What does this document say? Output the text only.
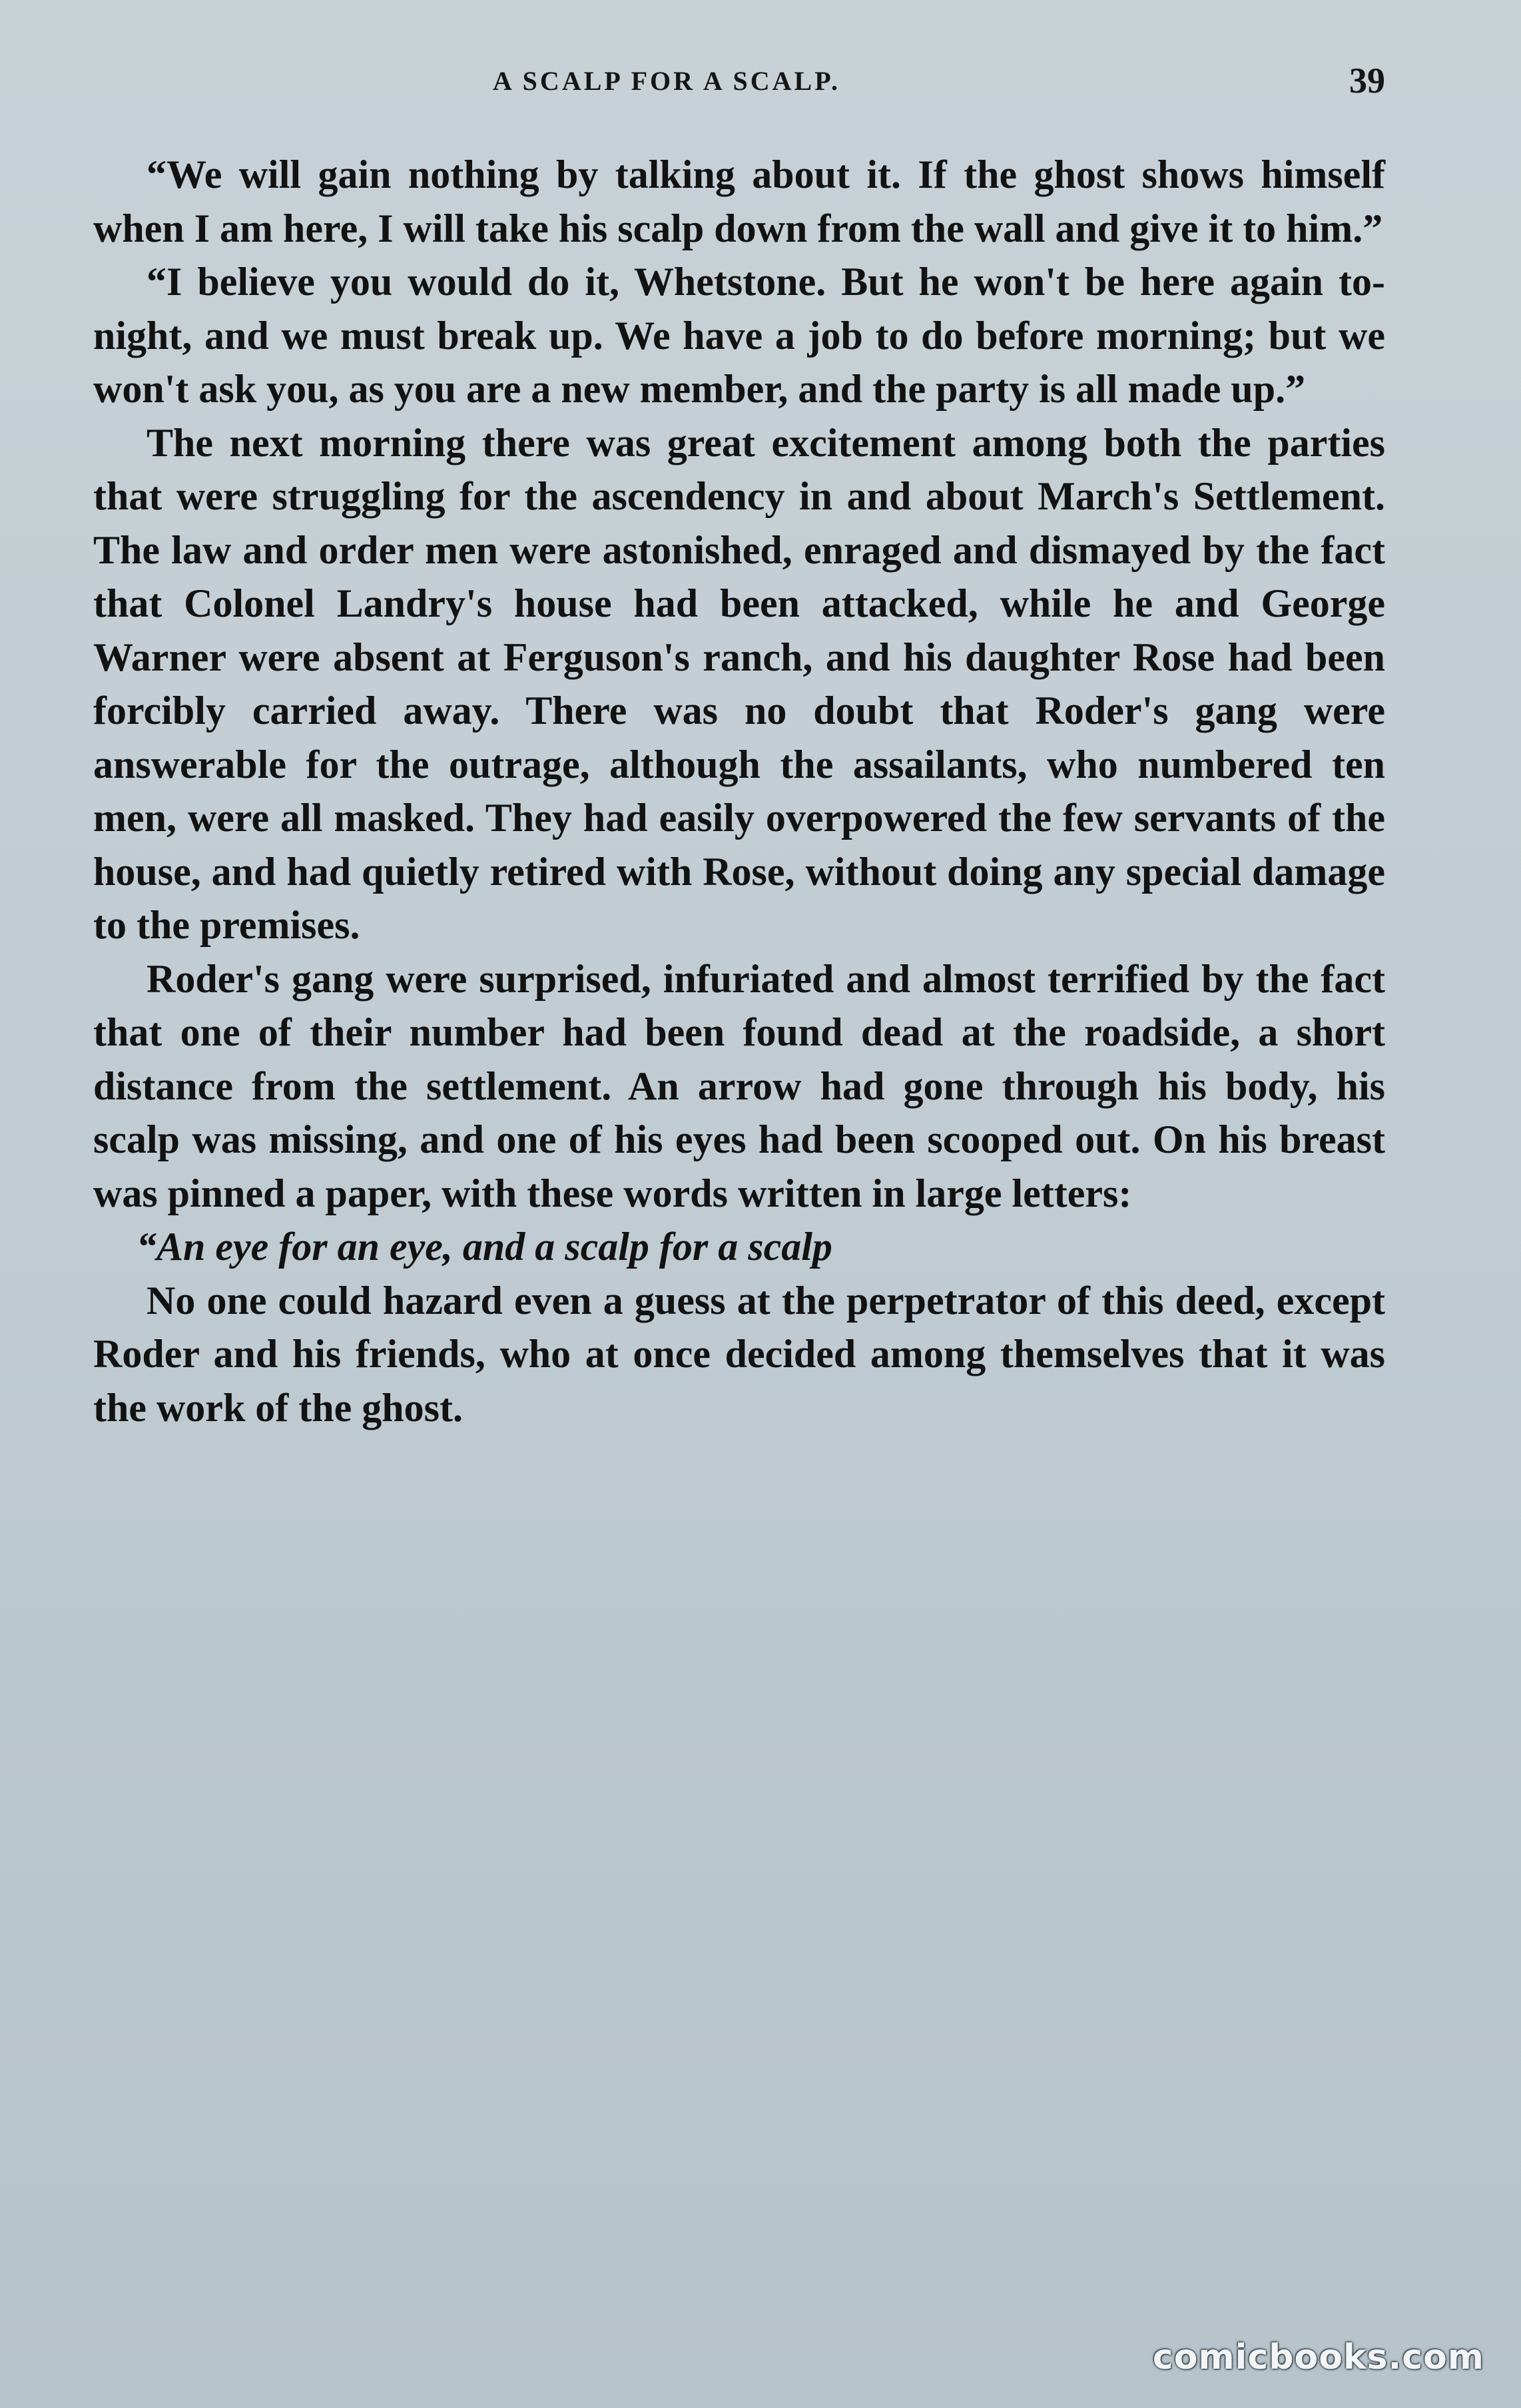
A SCALP FOR A SCALP.	39

“We will gain nothing by talking about it. If the ghost shows himself when I am here, I will take his scalp down from the wall and give it to him.”

“I believe you would do it, Whetstone. But he won't be here again to-night, and we must break up. We have a job to do before morning; but we won't ask you, as you are a new member, and the party is all made up.”

The next morning there was great excitement among both the parties that were struggling for the ascendency in and about March's Settlement. The law and order men were astonished, enraged and dismayed by the fact that Colonel Landry's house had been attacked, while he and George Warner were absent at Ferguson's ranch, and his daughter Rose had been forcibly carried away. There was no doubt that Roder's gang were answerable for the outrage, although the assailants, who numbered ten men, were all masked. They had easily overpowered the few servants of the house, and had quietly retired with Rose, without doing any special damage to the premises.

Roder's gang were surprised, infuriated and almost terrified by the fact that one of their number had been found dead at the roadside, a short distance from the settlement. An arrow had gone through his body, his scalp was missing, and one of his eyes had been scooped out. On his breast was pinned a paper, with these words written in large letters:

“An eye for an eye, and a scalp for a scalp

No one could hazard even a guess at the perpetrator of this deed, except Roder and his friends, who at once decided among themselves that it was the work of the ghost.

comicbooks.com
